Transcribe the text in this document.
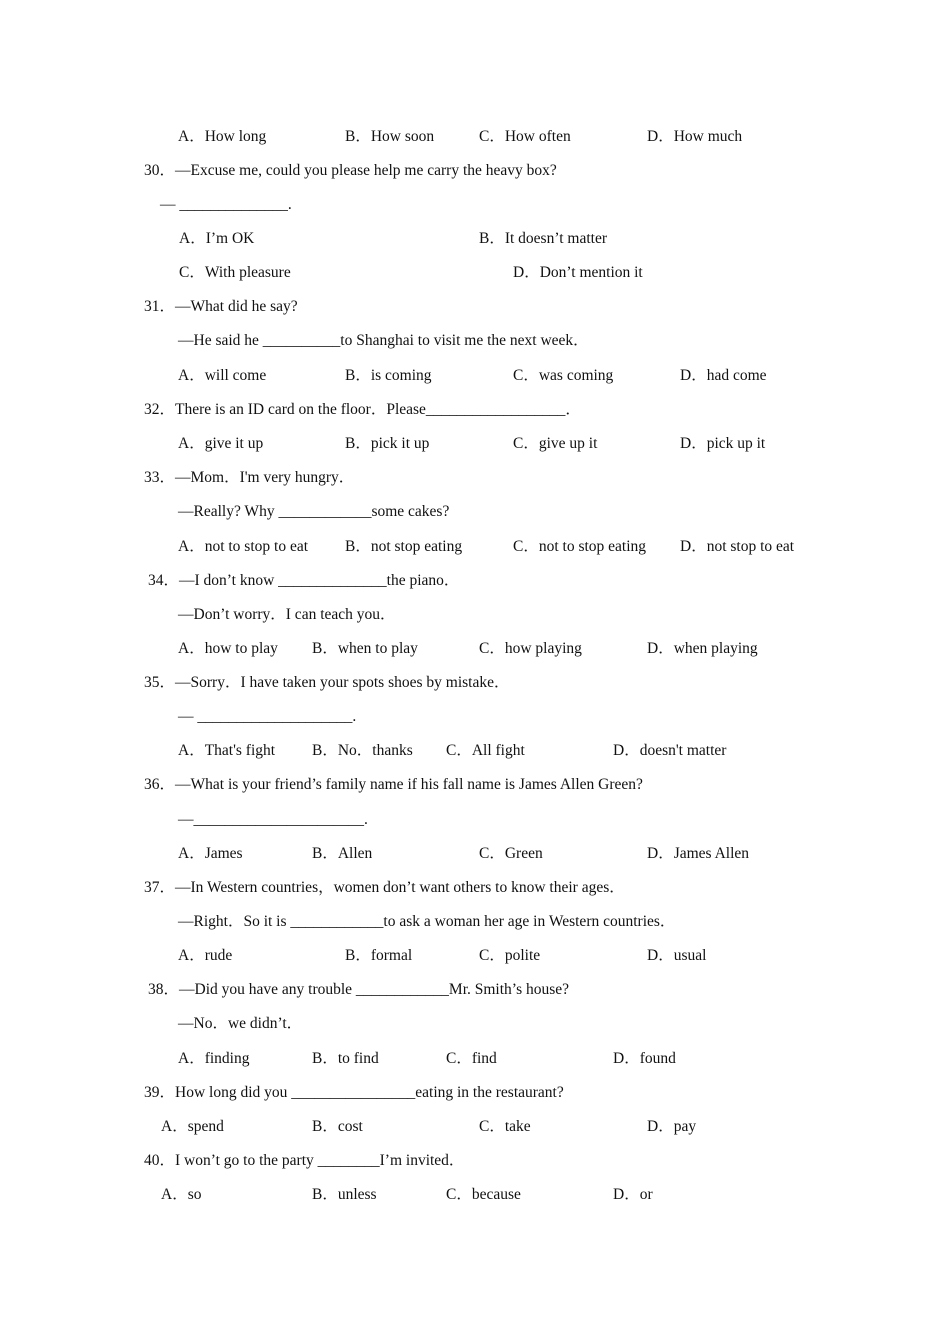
A．How long	B．How soon	C．How often	D．How much
30．—Excuse me, could you please help me carry the heavy box?
— ______________.
A．I’m OK	B．It doesn’t matter
C．With pleasure	D．Don’t mention it
31．—What did he say?
—He said he __________to Shanghai to visit me the next week．
A．will come	B．is coming	C．was coming	D．had come
32．There is an ID card on the floor．Please__________________．
A．give it up	B．pick it up	C．give up it	D．pick up it
33．—Mom．I'm very hungry．
—Really? Why ____________some cakes?
A．not to stop to eat B．not stop eating	C．not to stop eating D．not stop to eat
34．—I don’t know ______________the piano．
—Don’t worry．I can teach you．
A．how to play B．when to play	C．how playing	D．when playing
35．—Sorry．I have taken your spots shoes by mistake．
— ____________________.
A．That's fight B．No．thanks C．All fight	D．doesn't matter
36．—What is your friend’s family name if his fall name is James Allen Green?
—______________________.
A．James	B．Allen	C．Green	D．James Allen
37．—In Western countries，women don’t want others to know their ages．
—Right．So it is ____________to ask a woman her age in Western countries．
A．rude	B．formal	C．polite	D．usual
38．—Did you have any trouble ____________Mr. Smith’s house?
—No．we didn’t．
A．finding	B．to find	C．find	D．found
39．How long did you ________________eating in the restaurant?
A．spend	B．cost	C．take	D．pay
40．I won’t go to the party ________I’m invited．
A．so	B．unless	C．because	D．or
